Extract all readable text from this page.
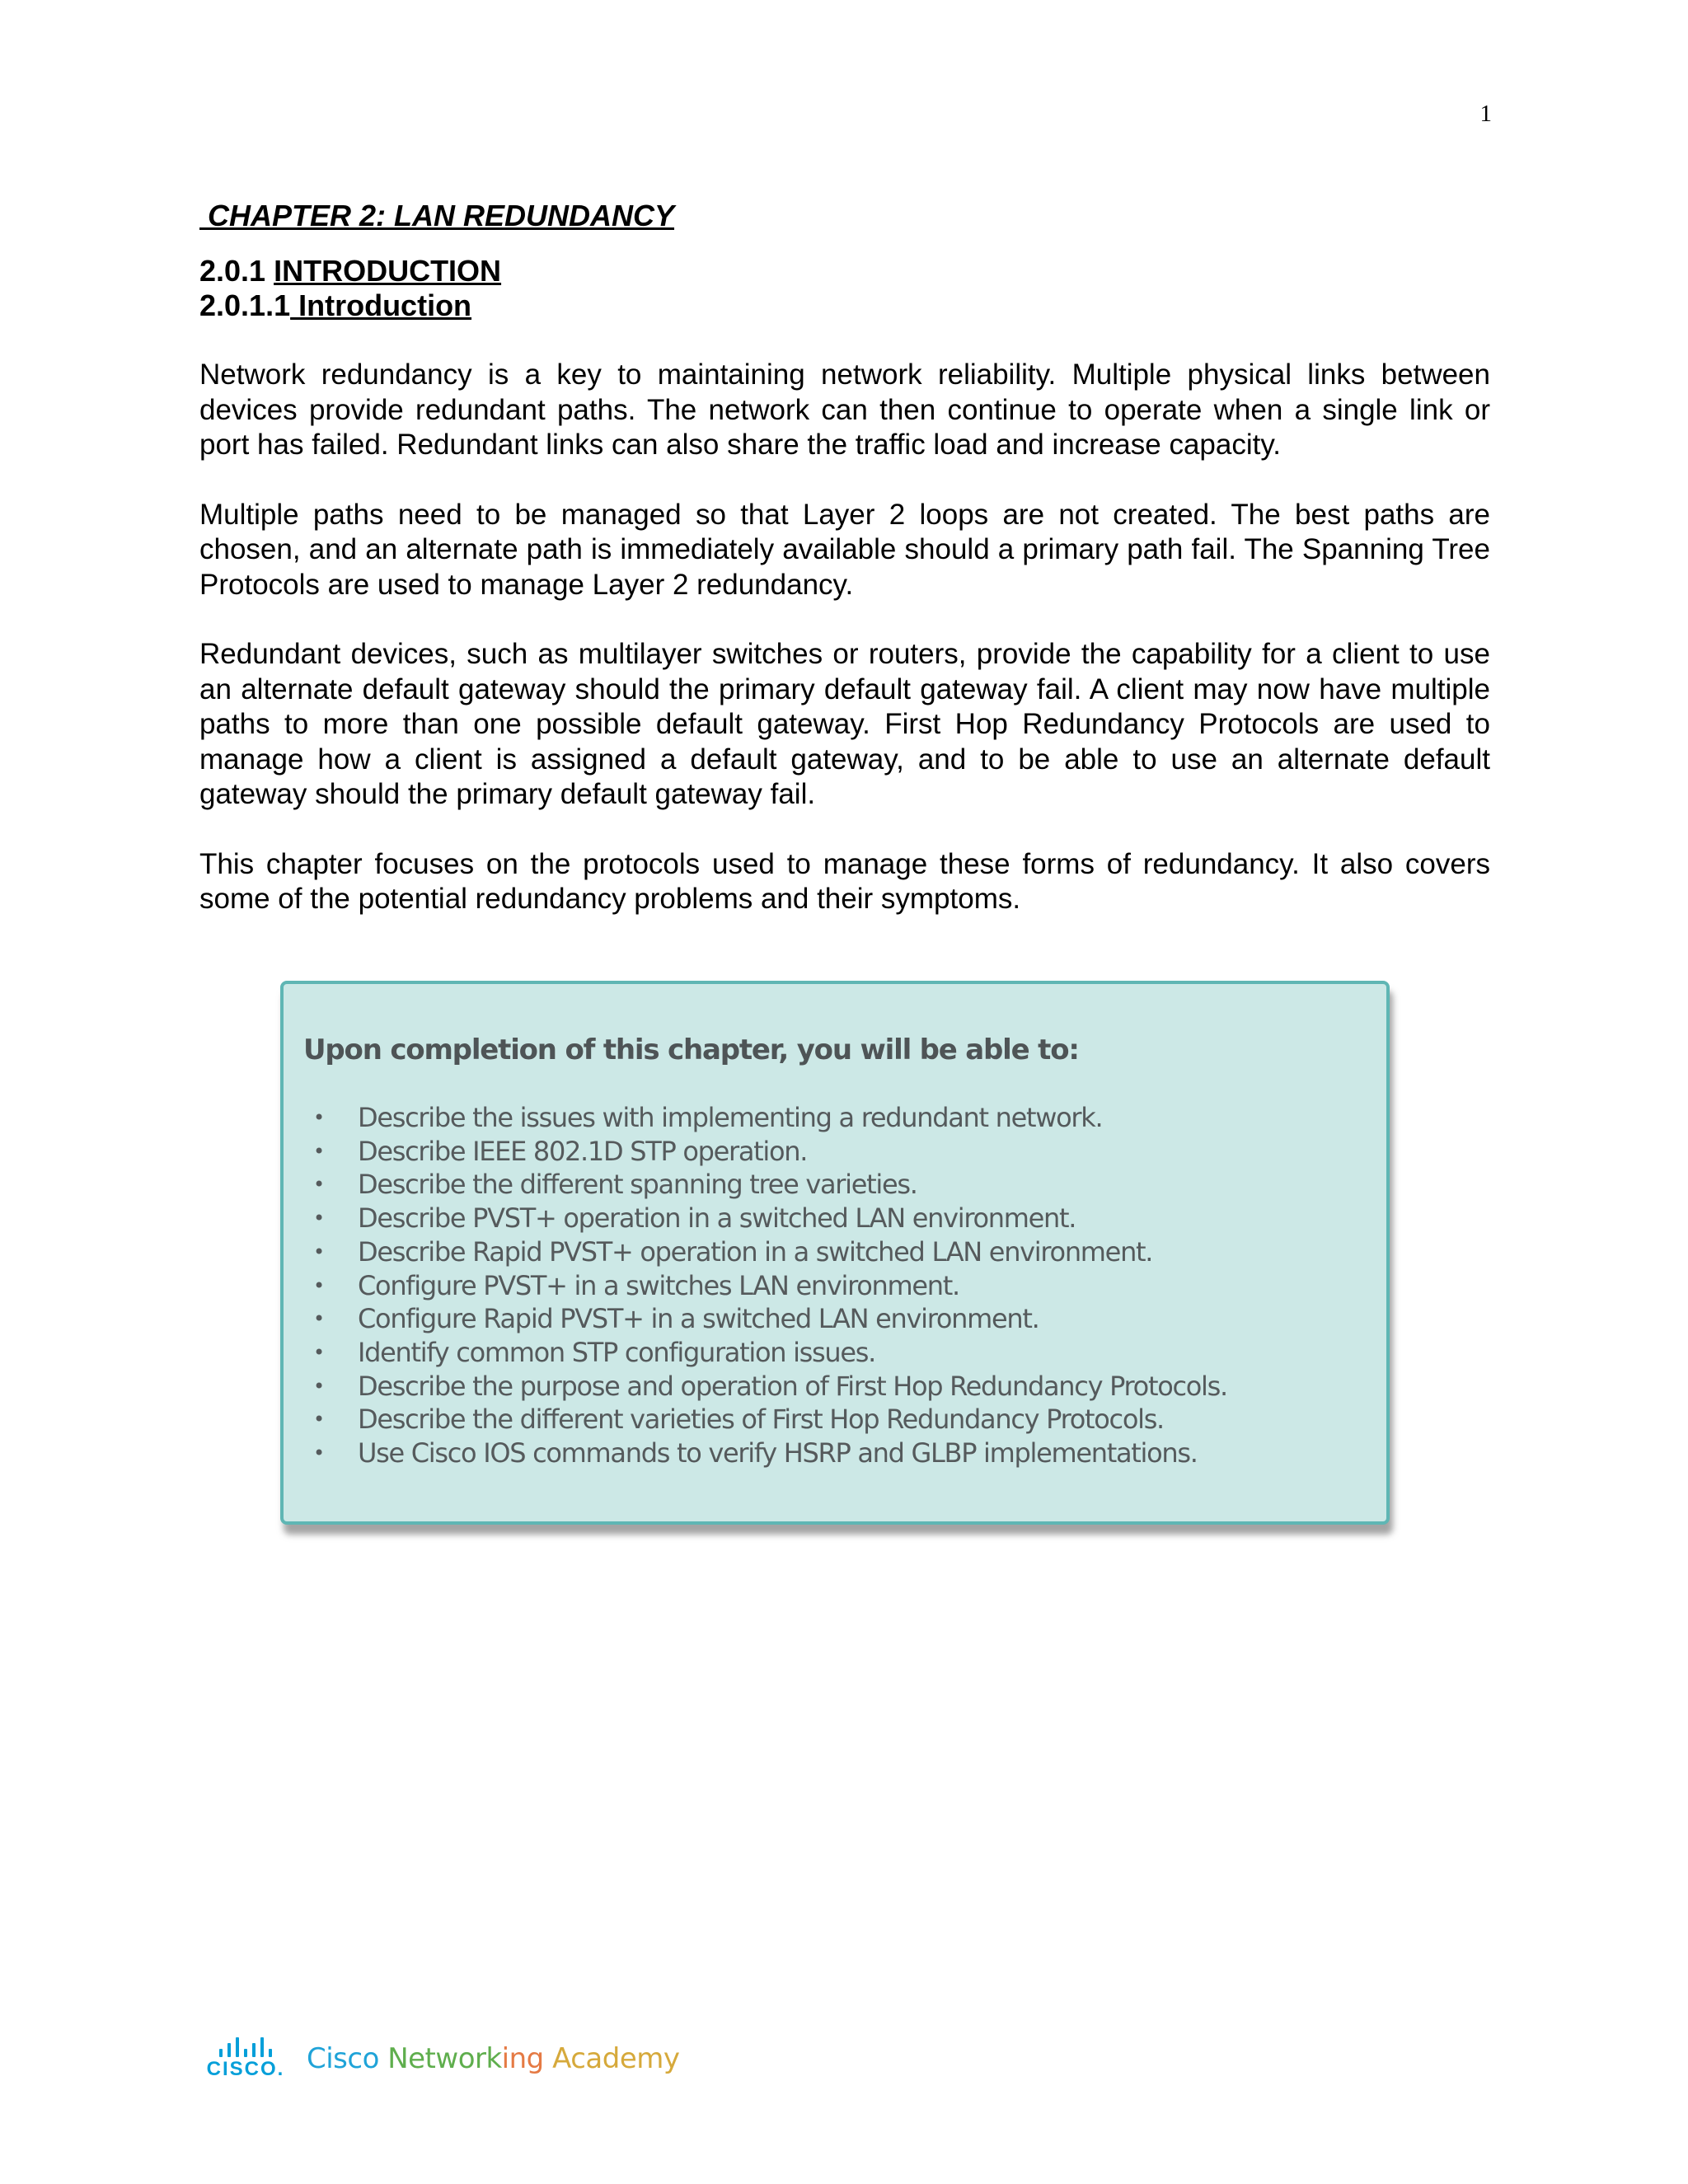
1

CHAPTER 2: LAN REDUNDANCY

2.0.1 INTRODUCTION

2.0.1.1 Introduction

Network redundancy is a key to maintaining network reliability. Multiple physical links between devices provide redundant paths. The network can then continue to operate when a single link or port has failed. Redundant links can also share the traffic load and increase capacity.

Multiple paths need to be managed so that Layer 2 loops are not created. The best paths are chosen, and an alternate path is immediately available should a primary path fail. The Spanning Tree Protocols are used to manage Layer 2 redundancy.

Redundant devices, such as multilayer switches or routers, provide the capability for a client to use an alternate default gateway should the primary default gateway fail. A client may now have multiple paths to more than one possible default gateway. First Hop Redundancy Protocols are used to manage how a client is assigned a default gateway, and to be able to use an alternate default gateway should the primary default gateway fail.

This chapter focuses on the protocols used to manage these forms of redundancy. It also covers some of the potential redundancy problems and their symptoms.

Upon completion of this chapter, you will be able to:

• Describe the issues with implementing a redundant network.
• Describe IEEE 802.1D STP operation.
• Describe the different spanning tree varieties.
• Describe PVST+ operation in a switched LAN environment.
• Describe Rapid PVST+ operation in a switched LAN environment.
• Configure PVST+ in a switches LAN environment.
• Configure Rapid PVST+ in a switched LAN environment.
• Identify common STP configuration issues.
• Describe the purpose and operation of First Hop Redundancy Protocols.
• Describe the different varieties of First Hop Redundancy Protocols.
• Use Cisco IOS commands to verify HSRP and GLBP implementations.
CISCO. Cisco Networking Academy
